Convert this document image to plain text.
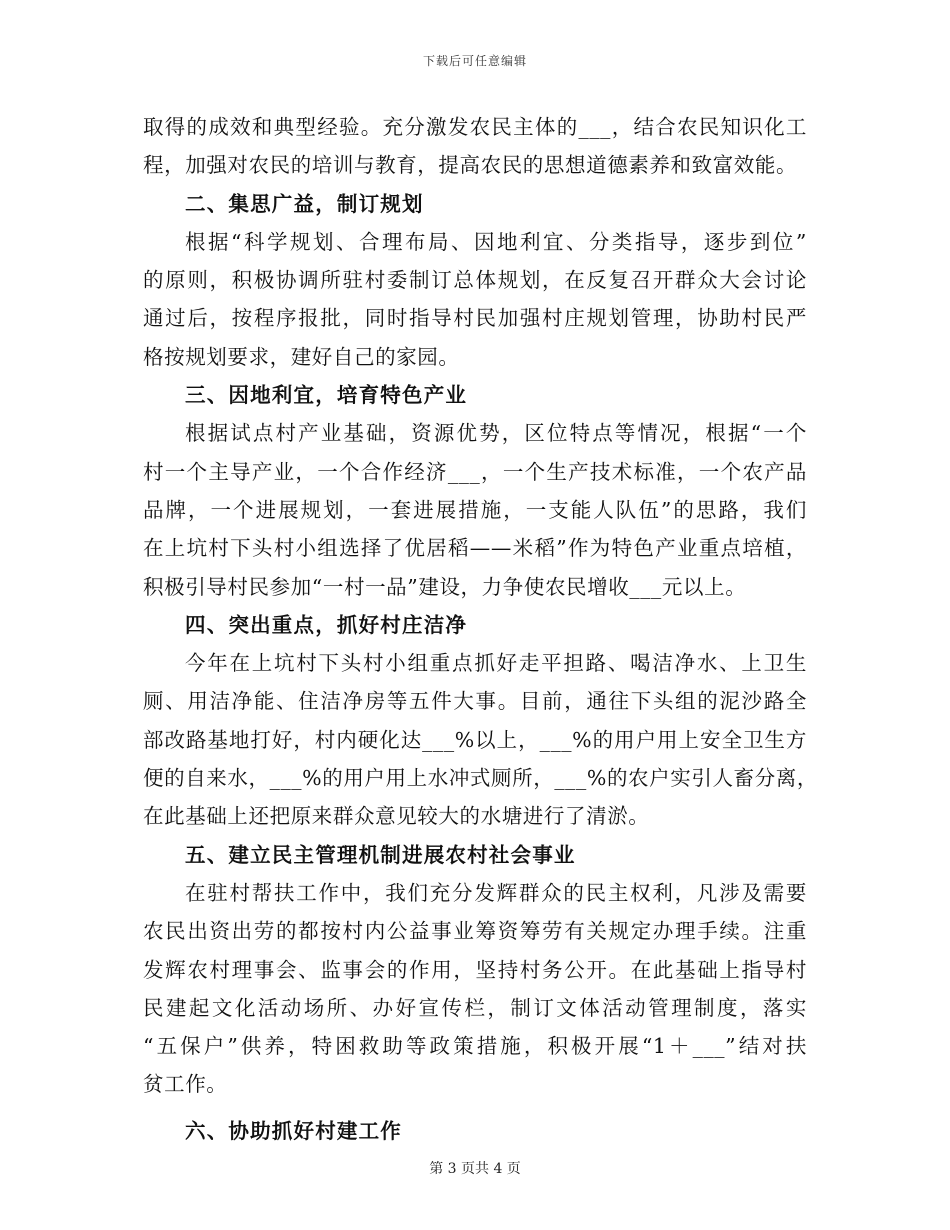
下载后可任意编辑
取得的成效和典型经验。充分激发农民主体的___，结合农民知识化工
程，加强对农民的培训与教育，提高农民的思想道德素养和致富效能。
二、集思广益，制订规划
根据“科学规划、合理布局、因地利宜、分类指导，逐步到位”
的原则，积极协调所驻村委制订总体规划，在反复召开群众大会讨论
通过后，按程序报批，同时指导村民加强村庄规划管理，协助村民严
格按规划要求，建好自己的家园。
三、因地利宜，培育特色产业
根据试点村产业基础，资源优势，区位特点等情况，根据“一个
村一个主导产业，一个合作经济___，一个生产技术标准，一个农产品
品牌，一个进展规划，一套进展措施，一支能人队伍”的思路，我们
在上坑村下头村小组选择了优居稻——米稻”作为特色产业重点培植，
积极引导村民参加“一村一品”建设，力争使农民增收___元以上。
四、突出重点，抓好村庄洁净
今年在上坑村下头村小组重点抓好走平担路、喝洁净水、上卫生
厕、用洁净能、住洁净房等五件大事。目前，通往下头组的泥沙路全
部改路基地打好，村内硬化达___%以上，___%的用户用上安全卫生方
便的自来水，___%的用户用上水冲式厕所，___%的农户实引人畜分离，
在此基础上还把原来群众意见较大的水塘进行了清淤。
五、建立民主管理机制进展农村社会事业
在驻村帮扶工作中，我们充分发辉群众的民主权利，凡涉及需要
农民出资出劳的都按村内公益事业筹资筹劳有关规定办理手续。注重
发辉农村理事会、监事会的作用，坚持村务公开。在此基础上指导村
民建起文化活动场所、办好宣传栏，制订文体活动管理制度，落实
“五保户”供养，特困救助等政策措施，积极开展“1＋___”结对扶
贫工作。
六、协助抓好村建工作
第 3 页共 4 页
